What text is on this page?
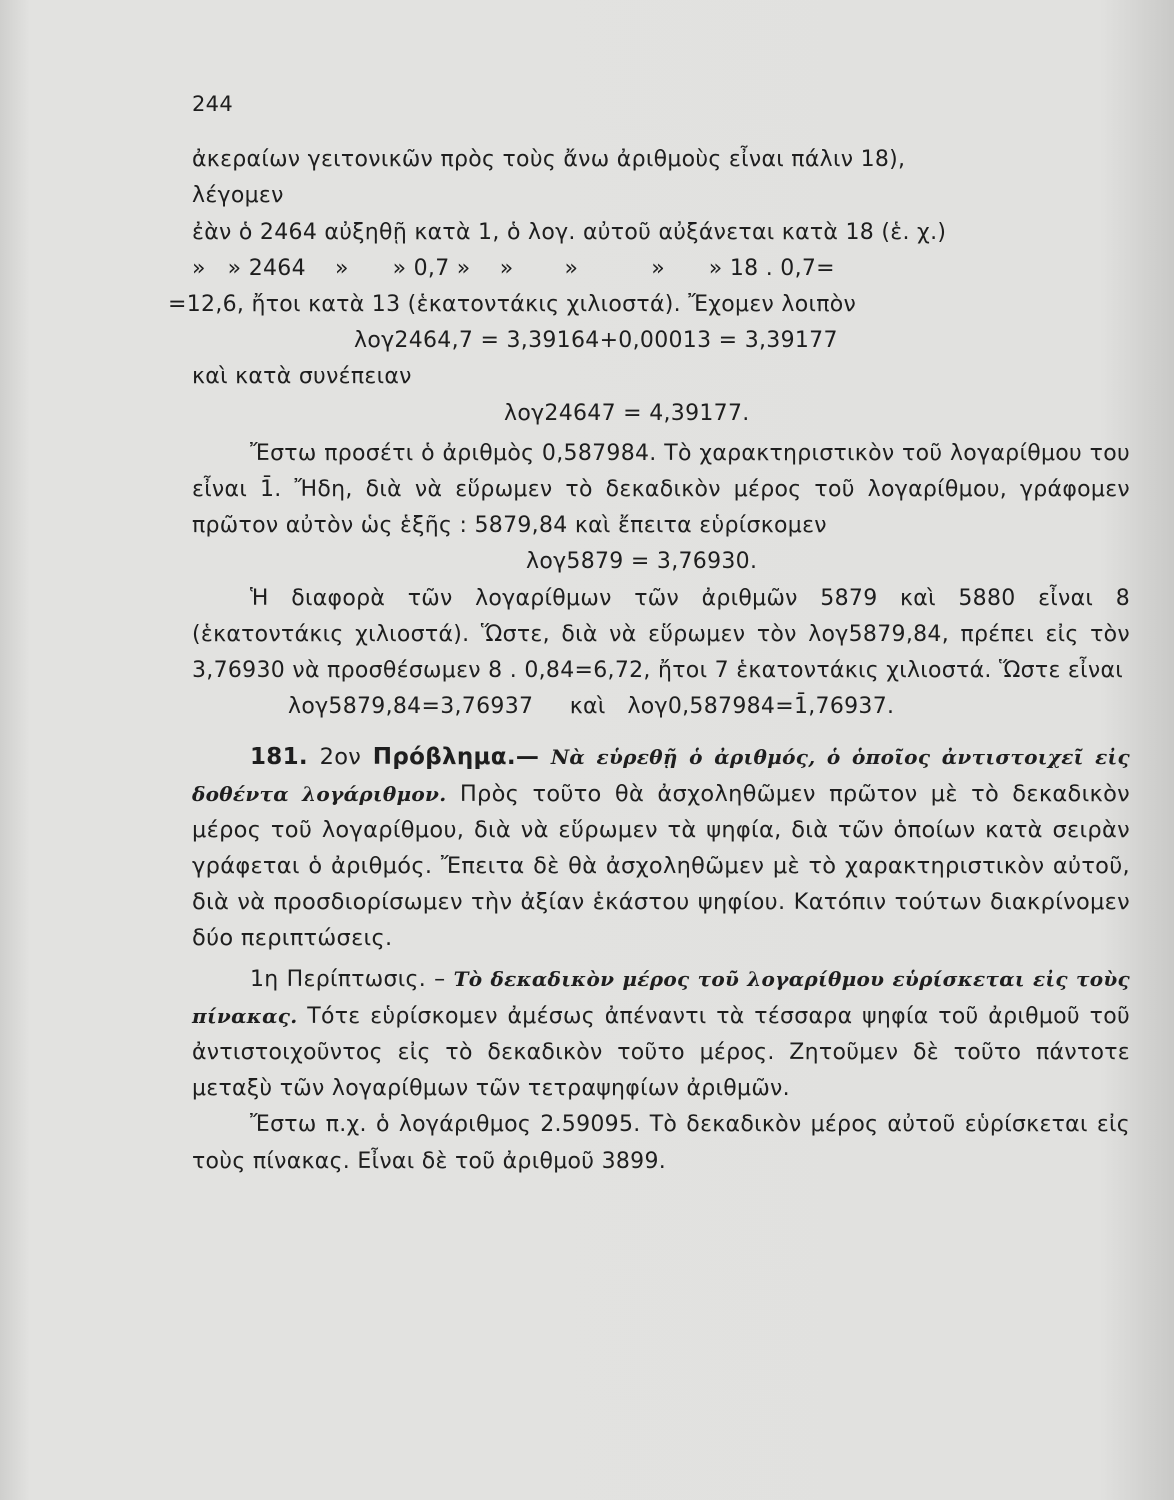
244

ἀκεραίων γειτονικῶν πρὸς τοὺς ἄνω ἀριθμοὺς εἶναι πάλιν 18),

λέγομεν

ἐὰν ὁ 2464 αὐξηθῇ κατὰ 1, ὁ λογ. αὐτοῦ αὐξάνεται κατὰ 18 (ἑ. χ.)

»   » 2464    »      » 0,7 »    »       »          »      » 18 . 0,7=

=12,6, ἤτοι κατὰ 13 (ἑκατοντάκις χιλιοστά). Ἔχομεν λοιπὸν

λογ2464,7 = 3,39164+0,00013 = 3,39177

καὶ κατὰ συνέπειαν

λογ24647 = 4,39177.

Ἔστω προσέτι ὁ ἀριθμὸς 0,587984. Τὸ χαρακτηριστικὸν τοῦ λογαρίθμου του εἶναι 1̄. Ἤδη, διὰ νὰ εὕρωμεν τὸ δεκαδικὸν μέρος τοῦ λογαρίθμου, γράφομεν πρῶτον αὐτὸν ὡς ἑξῆς : 5879,84 καὶ ἔπειτα εὑρίσκομεν

λογ5879 = 3,76930.

Ἡ διαφορὰ τῶν λογαρίθμων τῶν ἀριθμῶν 5879 καὶ 5880 εἶναι 8 (ἑκατοντάκις χιλιοστά). Ὥστε, διὰ νὰ εὕρωμεν τὸν λογ5879,84, πρέπει εἰς τὸν 3,76930 νὰ προσθέσωμεν 8 . 0,84=6,72, ἤτοι 7 ἑκατοντάκις χιλιοστά. Ὥστε εἶναι

λογ5879,84=3,76937     καὶ   λογ0,587984=1̄,76937.

181. 2ον Πρόβλημα.— Νὰ εὑρεθῇ ὁ ἀριθμός, ὁ ὁποῖος ἀντιστοιχεῖ εἰς δοθέντα λογάριθμον. Πρὸς τοῦτο θὰ ἀσχοληθῶμεν πρῶτον μὲ τὸ δεκαδικὸν μέρος τοῦ λογαρίθμου, διὰ νὰ εὕρωμεν τὰ ψηφία, διὰ τῶν ὁποίων κατὰ σειρὰν γράφεται ὁ ἀριθμός. Ἔπειτα δὲ θὰ ἀσχοληθῶμεν μὲ τὸ χαρακτηριστικὸν αὐτοῦ, διὰ νὰ προσδιορίσωμεν τὴν ἀξίαν ἑκάστου ψηφίου. Κατόπιν τούτων διακρίνομεν δύο περιπτώσεις.

1η Περίπτωσις. – Τὸ δεκαδικὸν μέρος τοῦ λογαρίθμου εὑρίσκεται εἰς τοὺς πίνακας. Τότε εὑρίσκομεν ἀμέσως ἀπέναντι τὰ τέσσαρα ψηφία τοῦ ἀριθμοῦ τοῦ ἀντιστοιχοῦντος εἰς τὸ δεκαδικὸν τοῦτο μέρος. Ζητοῦμεν δὲ τοῦτο πάντοτε μεταξὺ τῶν λογαρίθμων τῶν τετραψηφίων ἀριθμῶν.

Ἔστω π.χ. ὁ λογάριθμος 2.59095. Τὸ δεκαδικὸν μέρος αὐτοῦ εὑρίσκεται εἰς τοὺς πίνακας. Εἶναι δὲ τοῦ ἀριθμοῦ 3899.
